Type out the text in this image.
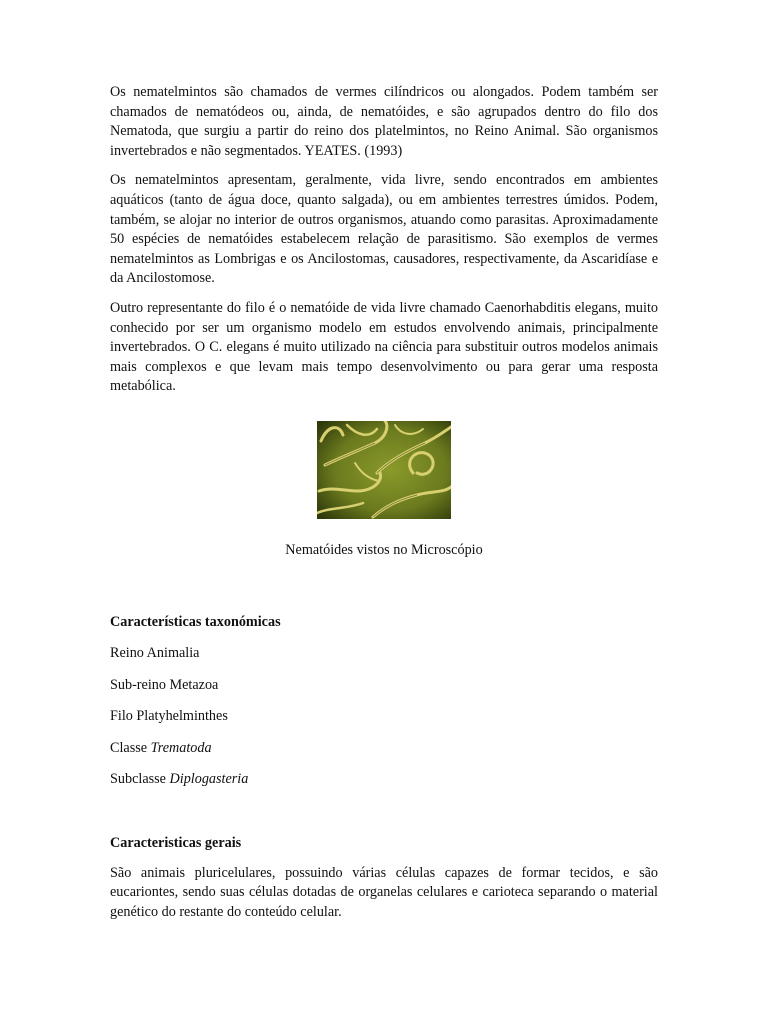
Os nematelmintos são chamados de vermes cilíndricos ou alongados. Podem também ser chamados de nematódeos ou, ainda, de nematóides, e são agrupados dentro do filo dos Nematoda, que surgiu a partir do reino dos platelmintos, no Reino Animal. São organismos invertebrados e não segmentados. YEATES. (1993)

Os nematelmintos apresentam, geralmente, vida livre, sendo encontrados em ambientes aquáticos (tanto de água doce, quanto salgada), ou em ambientes terrestres úmidos. Podem, também, se alojar no interior de outros organismos, atuando como parasitas. Aproximadamente 50 espécies de nematóides estabelecem relação de parasitismo. São exemplos de vermes nematelmintos as Lombrigas e os Ancilostomas, causadores, respectivamente, da Ascaridíase e da Ancilostomose.

Outro representante do filo é o nematóide de vida livre chamado Caenorhabditis elegans, muito conhecido por ser um organismo modelo em estudos envolvendo animais, principalmente invertebrados. O C. elegans é muito utilizado na ciência para substituir outros modelos animais mais complexos e que levam mais tempo desenvolvimento ou para gerar uma resposta metabólica.

Nematóides vistos no Microscópio

Características taxonómicas

Reino Animalia

Sub-reino Metazoa

Filo Platyhelminthes

Classe Trematoda

Subclasse Diplogasteria

Caracteristicas gerais

São animais pluricelulares, possuindo várias células capazes de formar tecidos, e são eucariontes, sendo suas células dotadas de organelas celulares e carioteca separando o material genético do restante do conteúdo celular.
